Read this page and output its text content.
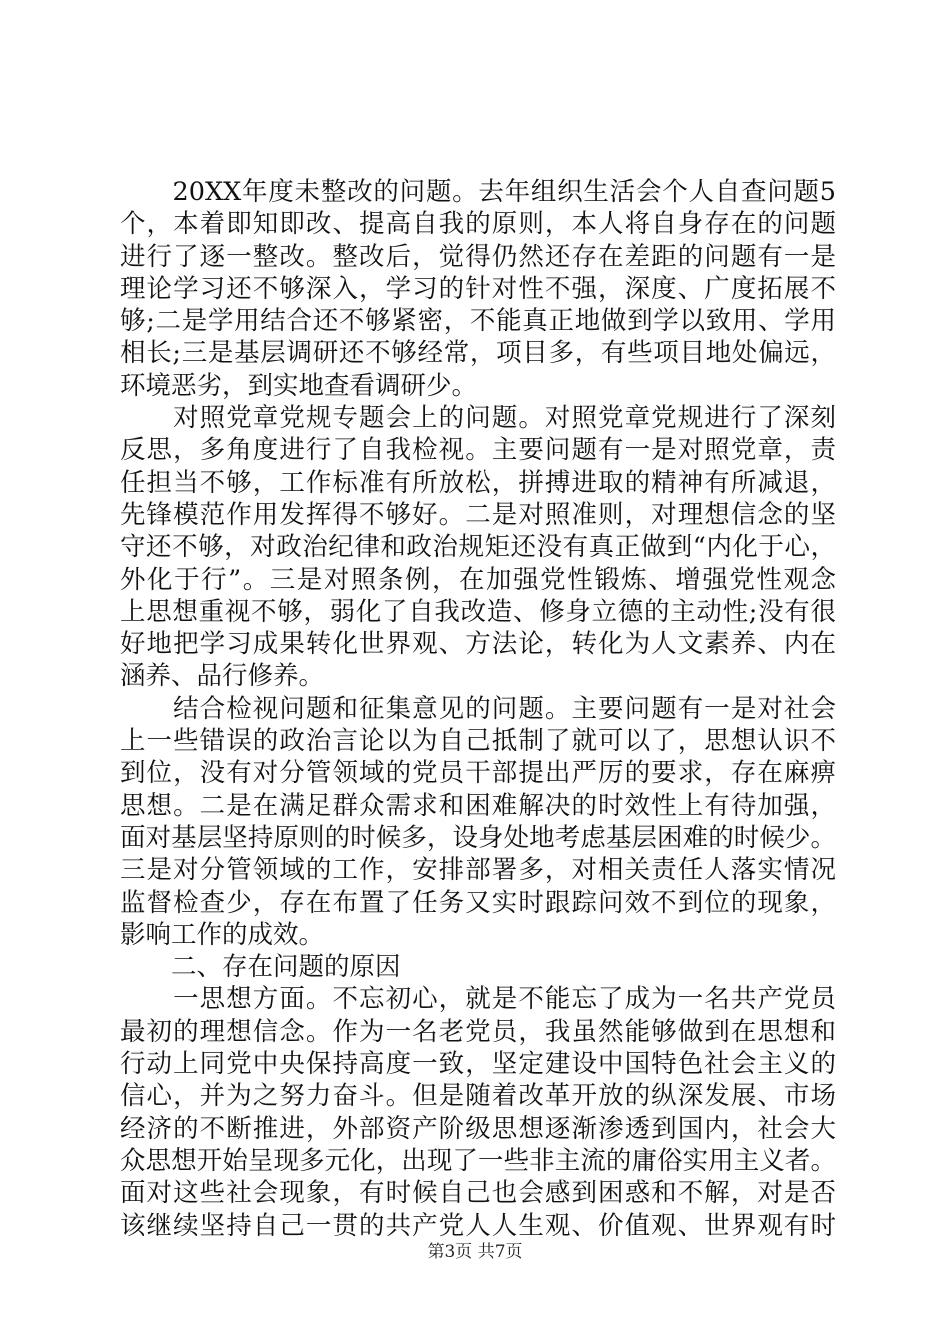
　　20XX年度未整改的问题。去年组织生活会个人自查问题5
个，本着即知即改、提高自我的原则，本人将自身存在的问题
进行了逐一整改。整改后，觉得仍然还存在差距的问题有一是
理论学习还不够深入，学习的针对性不强，深度、广度拓展不
够;二是学用结合还不够紧密，不能真正地做到学以致用、学用
相长;三是基层调研还不够经常，项目多，有些项目地处偏远，
环境恶劣，到实地查看调研少。
　　对照党章党规专题会上的问题。对照党章党规进行了深刻
反思，多角度进行了自我检视。主要问题有一是对照党章，责
任担当不够，工作标准有所放松，拼搏进取的精神有所减退，
先锋模范作用发挥得不够好。二是对照准则，对理想信念的坚
守还不够，对政治纪律和政治规矩还没有真正做到“内化于心，
外化于行”。三是对照条例，在加强党性锻炼、增强党性观念
上思想重视不够，弱化了自我改造、修身立德的主动性;没有很
好地把学习成果转化世界观、方法论，转化为人文素养、内在
涵养、品行修养。
　　结合检视问题和征集意见的问题。主要问题有一是对社会
上一些错误的政治言论以为自己抵制了就可以了，思想认识不
到位，没有对分管领域的党员干部提出严厉的要求，存在麻痹
思想。二是在满足群众需求和困难解决的时效性上有待加强，
面对基层坚持原则的时候多，设身处地考虑基层困难的时候少。
三是对分管领域的工作，安排部署多，对相关责任人落实情况
监督检查少，存在布置了任务又实时跟踪问效不到位的现象，
影响工作的成效。
　　二、存在问题的原因
　　一思想方面。不忘初心，就是不能忘了成为一名共产党员
最初的理想信念。作为一名老党员，我虽然能够做到在思想和
行动上同党中央保持高度一致，坚定建设中国特色社会主义的
信心，并为之努力奋斗。但是随着改革开放的纵深发展、市场
经济的不断推进，外部资产阶级思想逐渐渗透到国内，社会大
众思想开始呈现多元化，出现了一些非主流的庸俗实用主义者。
面对这些社会现象，有时候自己也会感到困惑和不解，对是否
该继续坚持自己一贯的共产党人人生观、价值观、世界观有时
第3页 共7页
